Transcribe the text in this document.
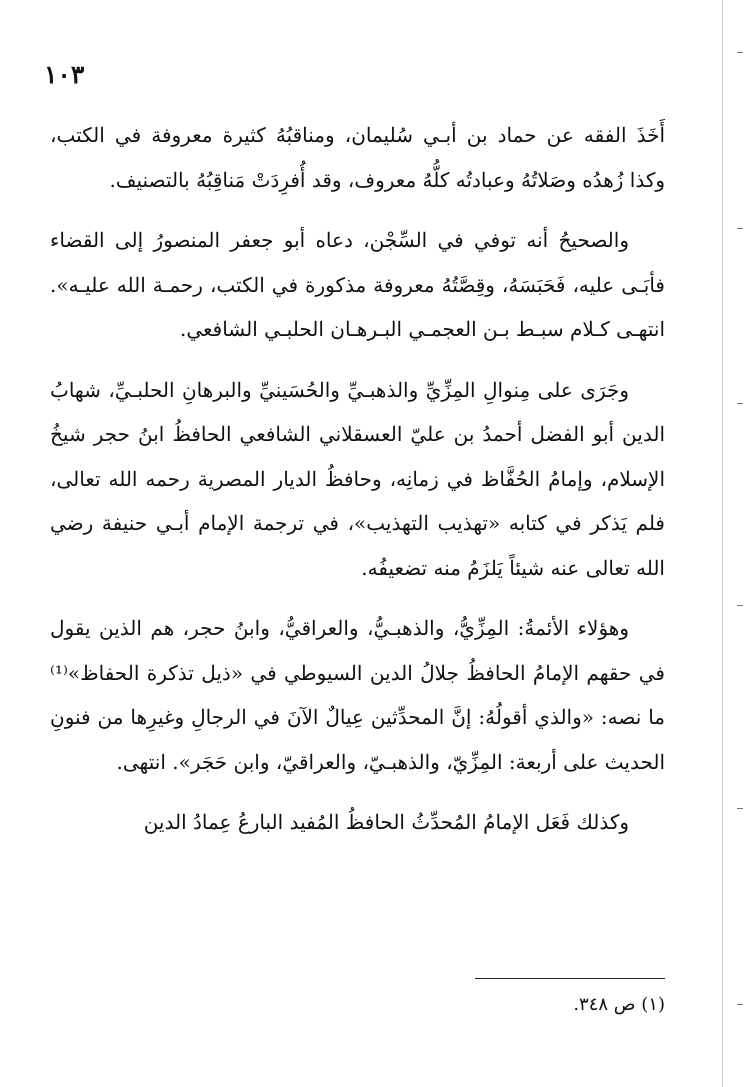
١٠٣

أَخَذَ الفقه عن حماد بن أبـي سُليمان، ومناقبُهُ كثيرة معروفة في الكتب، وكذا زُهدُه وصَلاتُهُ وعبادتُه كلُّهُ معروف، وقد أُفرِدَتْ مَناقِبُهُ بالتصنيف.

والصحيحُ أنه توفي في السِّجْن، دعاه أبو جعفر المنصورُ إلى القضاء فأبَـى عليه، فَحَبَسَهُ، وقِصَّتُهُ معروفة مذكورة في الكتب، رحمـة الله عليـه». انتهـى كـلام سبـط بـن العجمـي البـرهـان الحلبـي الشافعي.

وجَرَى على مِنوالِ المِزِّيِّ والذهبـيِّ والحُسَينيِّ والبرهانِ الحلبـيِّ، شهابُ الدين أبو الفضل أحمدُ بن عليّ العسقلاني الشافعي الحافظُ ابنُ حجر شيخُ الإسلام، وإمامُ الحُفَّاظ في زمانِه، وحافظُ الديار المصرية رحمه الله تعالى، فلم يَذكر في كتابه «تهذيب التهذيب»، في ترجمة الإمام أبـي حنيفة رضي الله تعالى عنه شيئاً يَلزَمُ منه تضعيفُه.

وهؤلاء الأئمةُ: المِزِّيُّ، والذهبـيُّ، والعراقيُّ، وابنُ حجر، هم الذين يقول في حقهم الإمامُ الحافظُ جلالُ الدين السيوطي في «ذيل تذكرة الحفاظ»⁽¹⁾ ما نصه: «والذي أقولُهُ: إنَّ المحدِّثين عِيالٌ الآنَ في الرجالِ وغيرِها من فنونِ الحديث على أربعة: المِزِّيّ، والذهبـيّ، والعراقيّ، وابن حَجَر». انتهى.

وكذلك فَعَل الإمامُ المُحدِّثُ الحافظُ المُفيد البارعُ عِمادُ الدين

(١) ص ٣٤٨.
